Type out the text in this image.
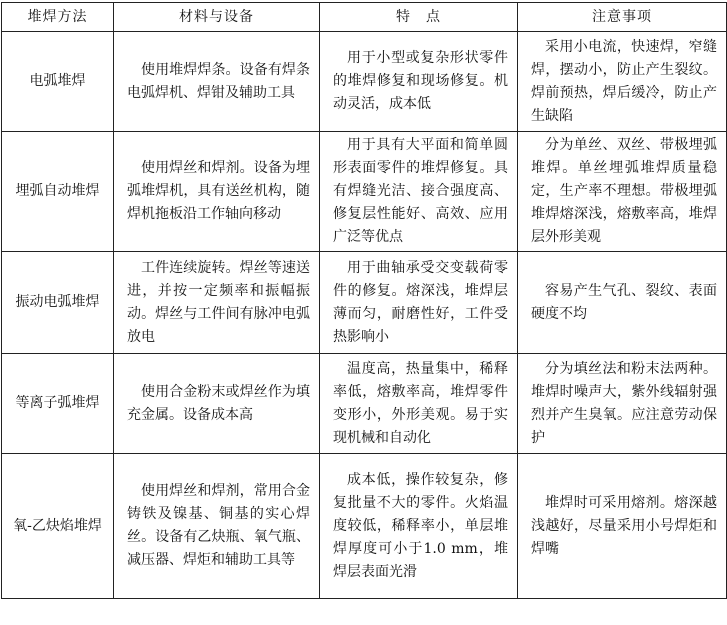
堆焊方法	材料与设备	特　点	注意事项
电弧堆焊	使用堆焊焊条。设备有焊条电弧焊机、焊钳及辅助工具	用于小型或复杂形状零件的堆焊修复和现场修复。机动灵活，成本低	采用小电流，快速焊，窄缝焊，摆动小，防止产生裂纹。焊前预热，焊后缓冷，防止产生缺陷
埋弧自动堆焊	使用焊丝和焊剂。设备为埋弧堆焊机，具有送丝机构，随焊机拖板沿工作轴向移动	用于具有大平面和简单圆形表面零件的堆焊修复。具有焊缝光洁、接合强度高、修复层性能好、高效、应用广泛等优点	分为单丝、双丝、带极埋弧堆焊。单丝埋弧堆焊质量稳定，生产率不理想。带极埋弧堆焊熔深浅，熔敷率高，堆焊层外形美观
振动电弧堆焊	工件连续旋转。焊丝等速送进，并按一定频率和振幅振动。焊丝与工件间有脉冲电弧放电	用于曲轴承受交变载荷零件的修复。熔深浅，堆焊层薄而匀，耐磨性好，工件受热影响小	容易产生气孔、裂纹、表面硬度不均
等离子弧堆焊	使用合金粉末或焊丝作为填充金属。设备成本高	温度高，热量集中，稀释率低，熔敷率高，堆焊零件变形小，外形美观。易于实现机械和自动化	分为填丝法和粉末法两种。堆焊时噪声大，紫外线辐射强烈并产生臭氧。应注意劳动保护
氧-乙炔焰堆焊	使用焊丝和焊剂，常用合金铸铁及镍基、铜基的实心焊丝。设备有乙炔瓶、氧气瓶、减压器、焊炬和辅助工具等	成本低，操作较复杂，修复批量不大的零件。火焰温度较低，稀释率小，单层堆焊厚度可小于1.0 mm，堆焊层表面光滑	堆焊时可采用熔剂。熔深越浅越好，尽量采用小号焊炬和焊嘴
